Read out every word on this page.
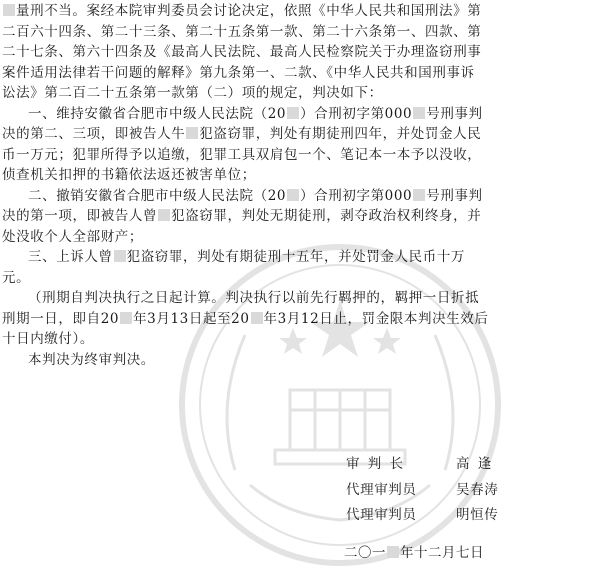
量刑不当。案经本院审判委员会讨论决定，依照《中华人民共和国刑法》第
二百六十四条、第二十三条、第二十五条第一款、第二十六条第一、四款、第
二十七条、第六十四条及《最高人民法院、最高人民检察院关于办理盗窃刑事
案件适用法律若干问题的解释》第九条第一、二款、《中华人民共和国刑事诉
讼法》第二百二十五条第一款第（二）项的规定，判决如下：
一、维持安徽省合肥市中级人民法院（20 ）合刑初字第000 号刑事判
决的第二、三项，即被告人牛 犯盗窃罪，判处有期徒刑四年，并处罚金人民
币一万元；犯罪所得予以追缴，犯罪工具双肩包一个、笔记本一本予以没收，
侦查机关扣押的书籍依法返还被害单位；
二、撤销安徽省合肥市中级人民法院（20 ）合刑初字第000 号刑事判
决的第一项，即被告人曾 犯盗窃罪，判处无期徒刑，剥夺政治权利终身，并
处没收个人全部财产；
三、上诉人曾 犯盗窃罪，判处有期徒刑十五年，并处罚金人民币十万
元。
（刑期自判决执行之日起计算。判决执行以前先行羁押的，羁押一日折抵
刑期一日，即自20 年3月13日起至20 年3月12日止，罚金限本判决生效后
十日内缴付）。
本判决为终审判决。
审 判 长	高 逢
代理审判员	吴春涛
代理审判员	明恒传
二〇一 年十二月七日
